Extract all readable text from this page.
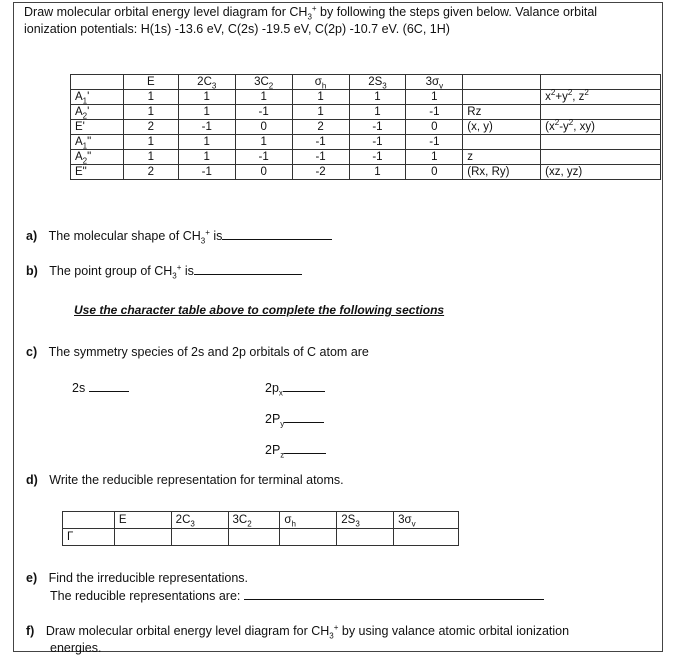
Draw molecular orbital energy level diagram for $CH_3^+$ by following the steps given below. Valance orbital
ionization potentials: H(1s) -13.6 eV, C(2s) -19.5 eV, C(2p) -10.7 eV. (6C, 1H)
	E	$2C_3$	$3C_2$	$\sigma_h$	$2S_3$	$3\sigma_v$		
$A_1'$	1	1	1	1	1	1		$x^2+y^2$, $z^2$
$A_2'$	1	1	-1	1	1	-1	Rz	
E'	2	-1	0	2	-1	0	(x, y)	($x^2-y^2$, xy)
$A_1$"	1	1	1	-1	-1	-1		
$A_2$"	1	1	-1	-1	-1	1	z	
E"	2	-1	0	-2	1	0	(Rx, Ry)	(xz, yz)
a) The molecular shape of $CH_3^+$ is
b) The point group of $CH_3^+$ is
Use the character table above to complete the following sections
c) The symmetry species of 2s and 2p orbitals of C atom are
2s	$2p_x$
$2P_y$
$2P_z$
d) Write the reducible representation for terminal atoms.
	E	$2C_3$	$3C_2$	$\sigma_h$	$2S_3$	$3\sigma_v$
Γ						
e) Find the irreducible representations.
The reducible representations are:
f) Draw molecular orbital energy level diagram for $CH_3^+$ by using valance atomic orbital ionization
energies.
